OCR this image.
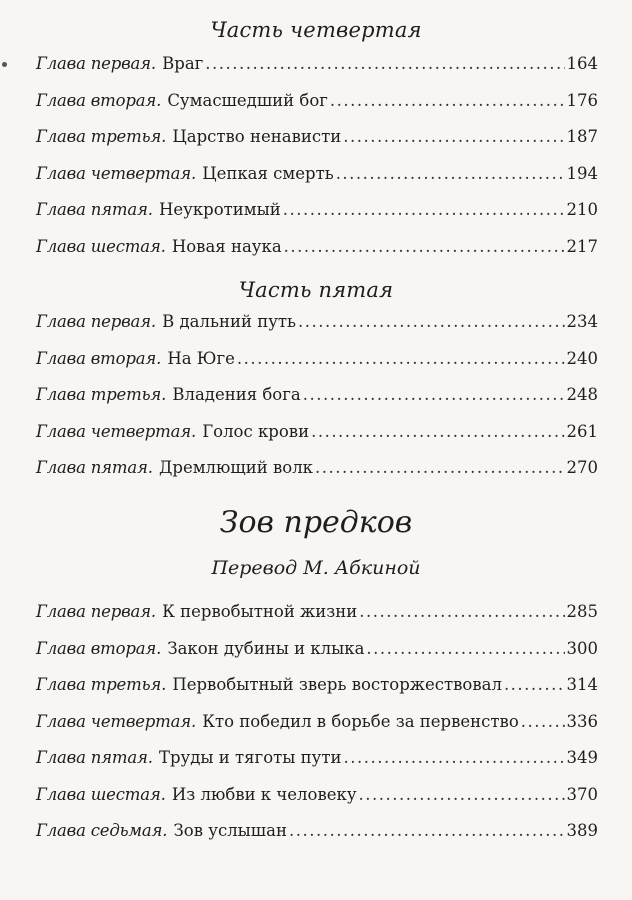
Часть четвертая
Глава первая . Враг .....	164
Глава вторая . Сумасшедший бог .....	176
Глава третья . Царство ненависти .....	187
Глава четвертая . Цепкая смерть .....	194
Глава пятая . Неукротимый .....	210
Глава шестая . Новая наука .....	217
Часть пятая
Глава первая . В дальний путь .....	234
Глава вторая . На Юге .....	240
Глава третья . Владения бога .....	248
Глава четвертая . Голос крови .....	261
Глава пятая . Дремлющий волк .....	270
Зов предков
Перевод М. Абкиной
Глава первая . К первобытной жизни .....	285
Глава вторая . Закон дубины и клыка .....	300
Глава третья . Первобытный зверь восторжествовал .....	314
Глава четвертая . Кто победил в борьбе за первенство .....	336
Глава пятая . Труды и тяготы пути .....	349
Глава шестая . Из любви к человеку .....	370
Глава седьмая . Зов услышан .....	389
